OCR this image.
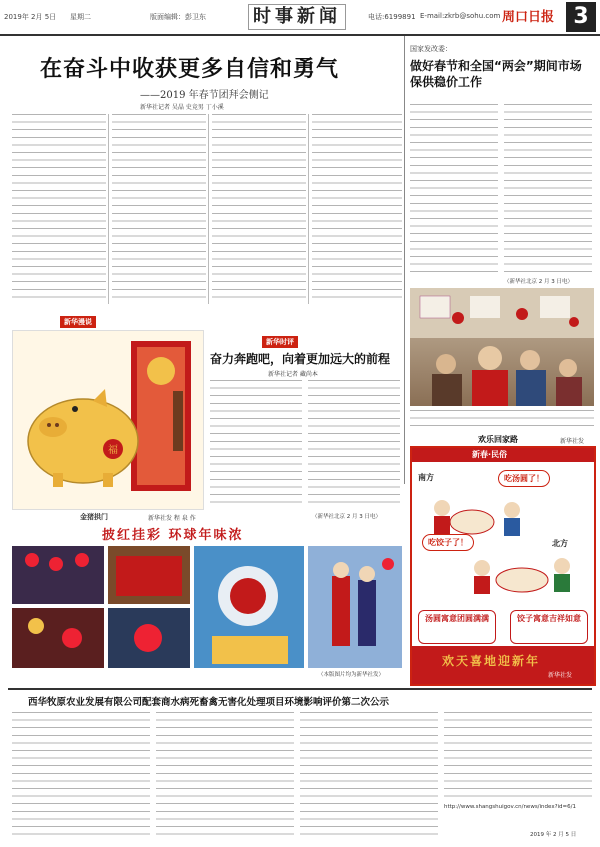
2019年 2月 5日 星期二	版面编辑：彭卫东	时事新闻	电话:6199891 E-mail:zkrb@sohu.com 周口日报 3
在奋斗中收获更多自信和勇气
——2019 年春节团拜会侧记
新华社记者 吴晶 史竞男 丁小溪
国家发改委：
做好春节和全国“两会”期间市场保供稳价工作
（新华社北京 2 月 3 日电）
欢乐回家路	新华社发
新华漫说
福
金猪拱门	新华社发 程 泉 作
新华时评
奋力奔跑吧，向着更加远大的前程
新华社记者 藏尚本
（新华社北京 2 月 3 日电）
披红挂彩 环球年味浓
（本版图片均为新华社发）
新春·民俗
南方
北方
吃汤圆了！
吃饺子了！
汤圆寓意团圆满满	饺子寓意吉祥如意
欢天喜地迎新年
新华社发
西华牧原农业发展有限公司配套商水病死畜禽无害化处理项目环境影响评价第二次公示
http://www.shangshuigov.cn/news/index?id=6/1
2019 年 2 月 5 日
